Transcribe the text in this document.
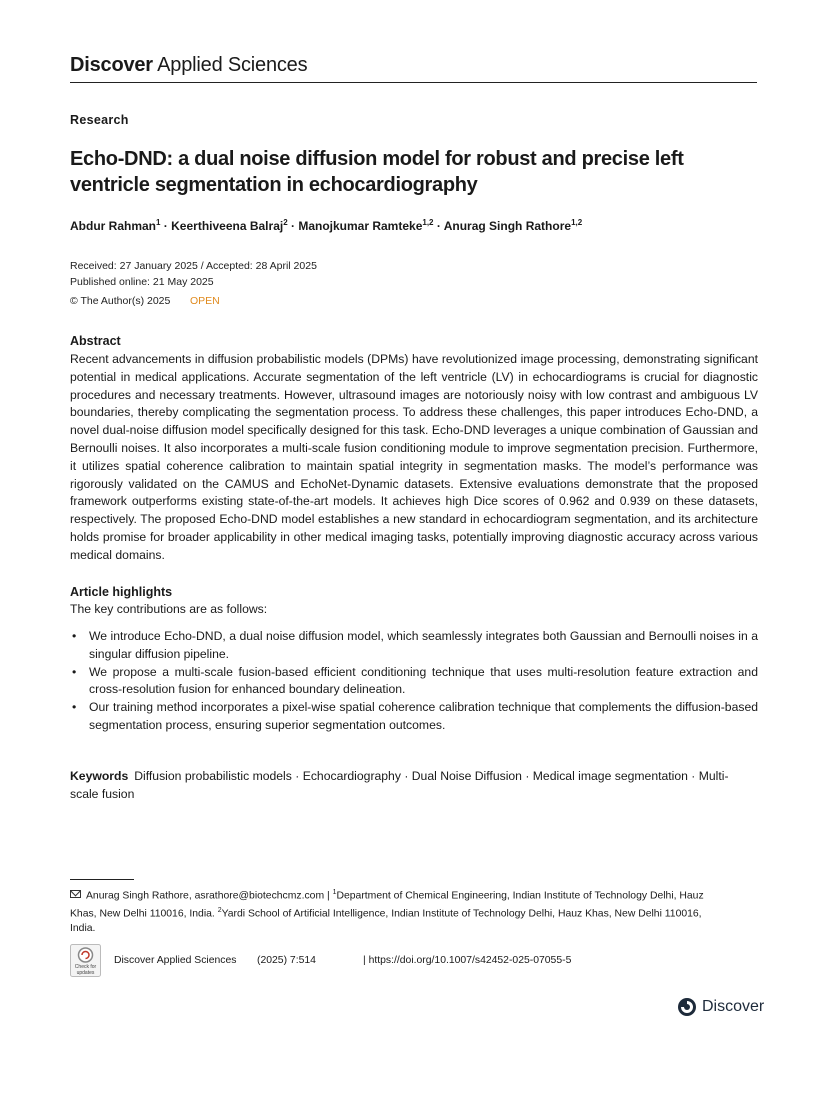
Discover Applied Sciences
Research
Echo-DND: a dual noise diffusion model for robust and precise left ventricle segmentation in echocardiography
Abdur Rahman$^1$ · Keerthiveena Balraj$^2$ · Manojkumar Ramteke$^{1,2}$ · Anurag Singh Rathore$^{1,2}$
Received: 27 January 2025 / Accepted: 28 April 2025
Published online: 21 May 2025
© The Author(s) 2025 OPEN
Abstract
Recent advancements in diffusion probabilistic models (DPMs) have revolutionized image processing, demonstrating significant potential in medical applications. Accurate segmentation of the left ventricle (LV) in echocardiograms is crucial for diagnostic procedures and necessary treatments. However, ultrasound images are notoriously noisy with low contrast and ambiguous LV boundaries, thereby complicating the segmentation process. To address these challenges, this paper introduces Echo-DND, a novel dual-noise diffusion model specifically designed for this task. Echo-DND leverages a unique combination of Gaussian and Bernoulli noises. It also incorporates a multi-scale fusion conditioning module to improve segmentation precision. Furthermore, it utilizes spatial coherence calibration to maintain spatial integrity in segmentation masks. The model’s performance was rigorously validated on the CAMUS and EchoNet-Dynamic datasets. Extensive evaluations demonstrate that the proposed framework outperforms existing state-of-the-art models. It achieves high Dice scores of 0.962 and 0.939 on these datasets, respectively. The proposed Echo-DND model establishes a new standard in echocardiogram segmentation, and its architecture holds promise for broader applicability in other medical imaging tasks, potentially improving diagnostic accuracy across various medical domains.
Article highlights
The key contributions are as follows:
• We introduce Echo-DND, a dual noise diffusion model, which seamlessly integrates both Gaussian and Bernoulli noises in a singular diffusion pipeline.
• We propose a multi-scale fusion-based efficient conditioning technique that uses multi-resolution feature extraction and cross-resolution fusion for enhanced boundary delineation.
• Our training method incorporates a pixel-wise spatial coherence calibration technique that complements the diffusion-based segmentation process, ensuring superior segmentation outcomes.
Keywords Diffusion probabilistic models · Echocardiography · Dual Noise Diffusion · Medical image segmentation · Multi-scale fusion
Anurag Singh Rathore, asrathore@biotechcmz.com | $^1$Department of Chemical Engineering, Indian Institute of Technology Delhi, Hauz Khas, New Delhi 110016, India. $^2$Yardi School of Artificial Intelligence, Indian Institute of Technology Delhi, Hauz Khas, New Delhi 110016, India.
Check for
updates
Discover Applied Sciences (2025) 7:514	| https://doi.org/10.1007/s42452-025-07055-5
Discover
